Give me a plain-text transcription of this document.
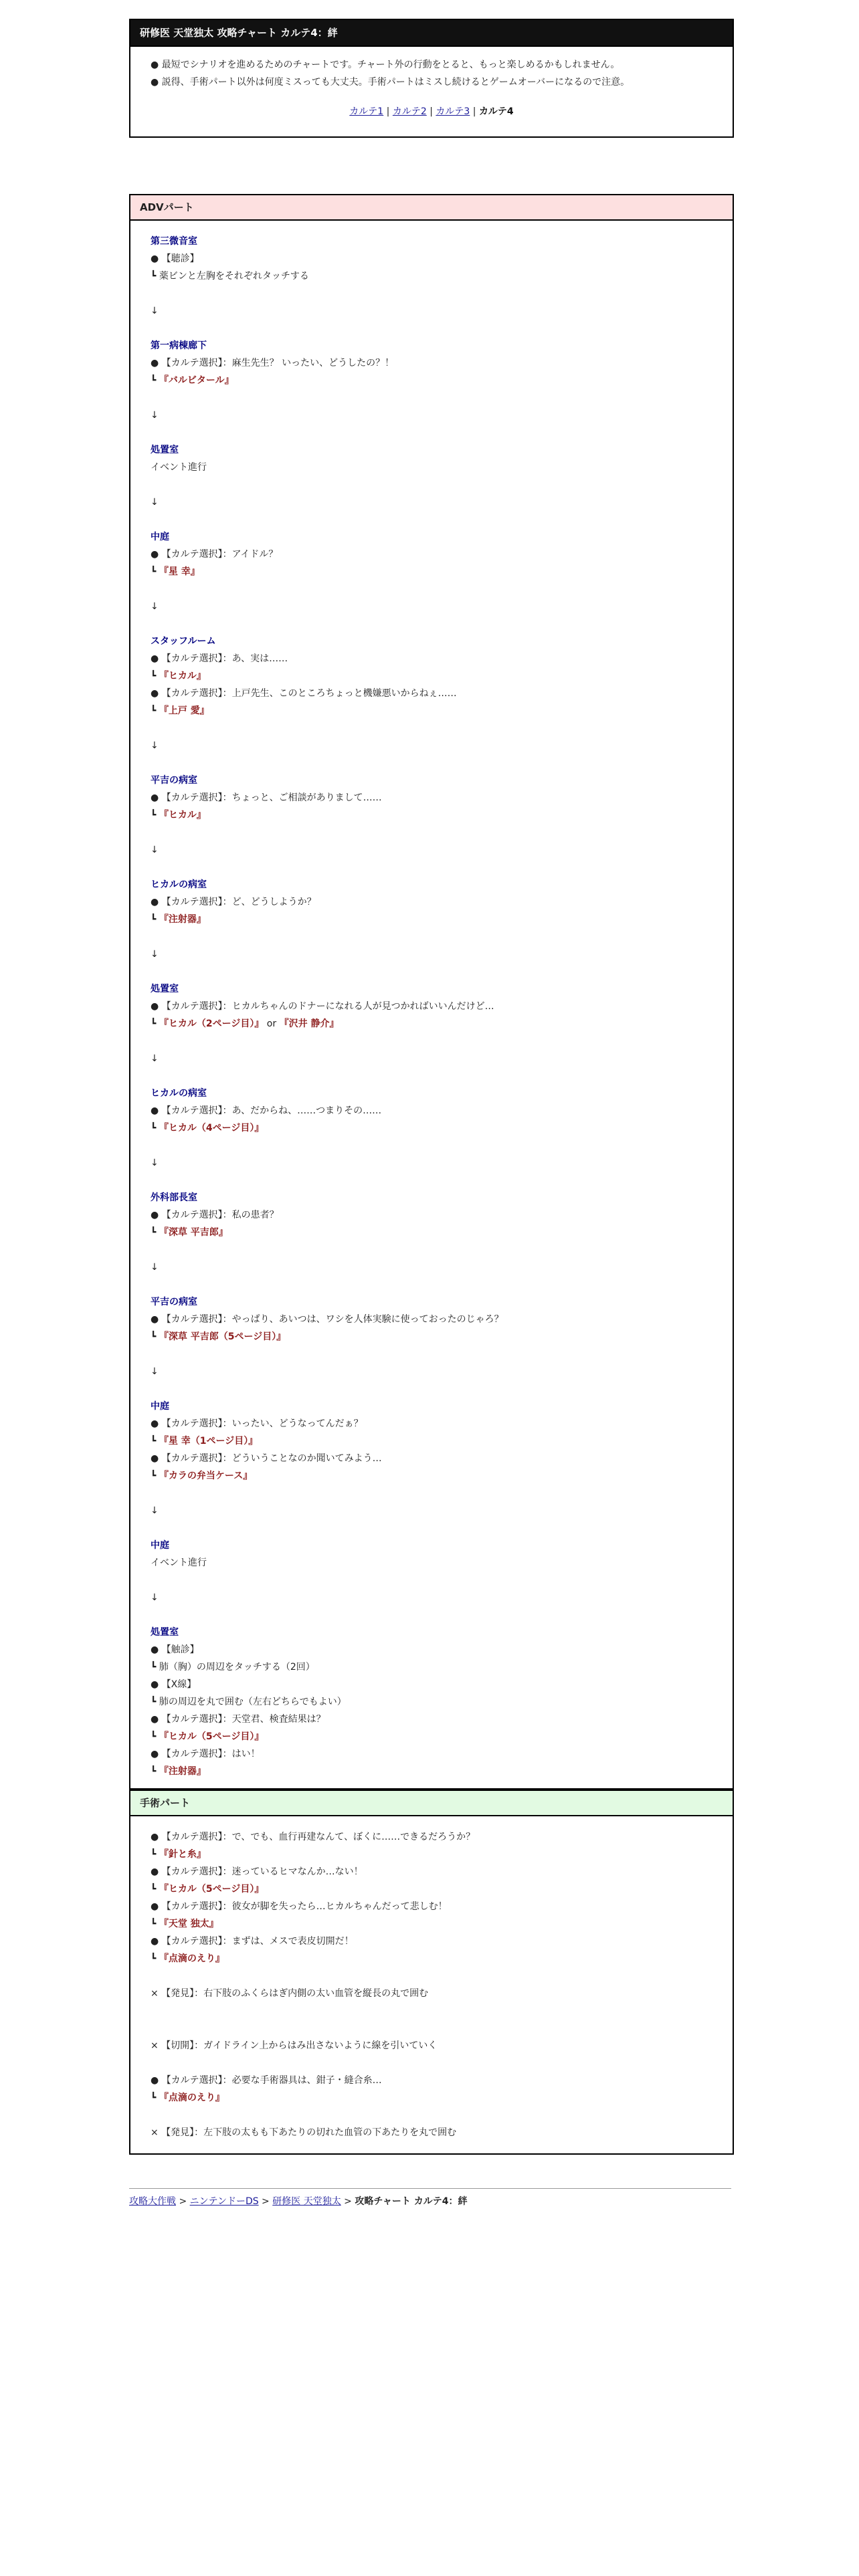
研修医 天堂独太 攻略チャート カルテ4：絆

● 最短でシナリオを進めるためのチャートです。チャート外の行動をとると、もっと楽しめるかもしれません。

● 説得、手術パート以外は何度ミスっても大丈夫。手術パートはミスし続けるとゲームオーバーになるので注意。

カルテ1 | カルテ2 | カルテ3 | カルテ4
ADVパート
第三微音室
● 【聴診】
┗ 薬ビンと左胸をそれぞれタッチする
↓
第一病棟廊下
● 【カルテ選択】：麻生先生？ いったい、どうしたの？！
┗ 『バルビタール』
↓
処置室
イベント進行
↓
中庭
● 【カルテ選択】：アイドル？
┗ 『星 幸』
↓
スタッフルーム
● 【カルテ選択】：あ、実は……
┗ 『ヒカル』
● 【カルテ選択】：上戸先生、このところちょっと機嫌悪いからねぇ……
┗ 『上戸 愛』
↓
平吉の病室
● 【カルテ選択】：ちょっと、ご相談がありまして……
┗ 『ヒカル』
↓
ヒカルの病室
● 【カルテ選択】：ど、どうしようか？
┗ 『注射器』
↓
処置室
● 【カルテ選択】：ヒカルちゃんのドナーになれる人が見つかればいいんだけど…
┗ 『ヒカル（2ページ目）』 or 『沢井 静介』
↓
ヒカルの病室
● 【カルテ選択】：あ、だからね、……つまりその……
┗ 『ヒカル（4ページ目）』
↓
外科部長室
● 【カルテ選択】：私の患者？
┗ 『深草 平吉郎』
↓
平吉の病室
● 【カルテ選択】：やっぱり、あいつは、ワシを人体実験に使っておったのじゃろ？
┗ 『深草 平吉郎（5ページ目）』
↓
中庭
● 【カルテ選択】：いったい、どうなってんだぁ？
┗ 『星 幸（1ページ目）』
● 【カルテ選択】：どういうことなのか聞いてみよう…
┗ 『カラの弁当ケース』
↓
中庭
イベント進行
↓
処置室
● 【触診】
┗ 肺（胸）の周辺をタッチする（2回）
● 【X線】
┗ 肺の周辺を丸で囲む（左右どちらでもよい）
● 【カルテ選択】：天堂君、検査結果は？
┗ 『ヒカル（5ページ目）』
● 【カルテ選択】：はい！
┗ 『注射器』
手術パート
● 【カルテ選択】：で、でも、血行再建なんて、ぼくに……できるだろうか？
┗ 『針と糸』
● 【カルテ選択】：迷っているヒマなんか…ない！
┗ 『ヒカル（5ページ目）』
● 【カルテ選択】：彼女が脚を失ったら…ヒカルちゃんだって悲しむ！
┗ 『天堂 独太』
● 【カルテ選択】：まずは、メスで表皮切開だ！
┗ 『点滴のえり』
× 【発見】：右下肢のふくらはぎ内側の太い血管を縦長の丸で囲む
× 【切開】：ガイドライン上からはみ出さないように線を引いていく
● 【カルテ選択】：必要な手術器具は、鉗子・縫合糸…
┗ 『点滴のえり』
× 【発見】：左下肢の太もも下あたりの切れた血管の下あたりを丸で囲む
攻略大作戦 > ニンテンドーDS > 研修医 天堂独太 > 攻略チャート カルテ4：絆
